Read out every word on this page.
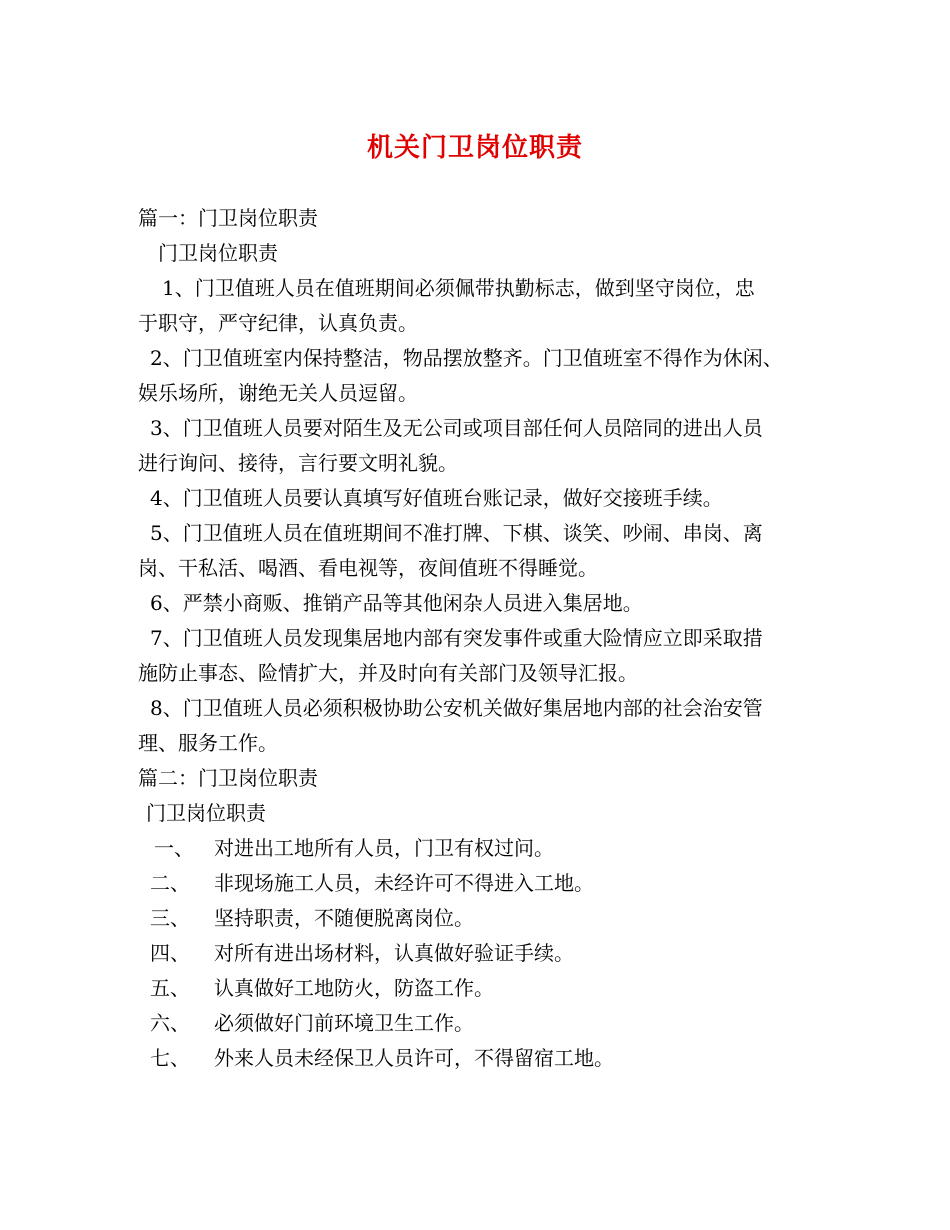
机关门卫岗位职责
篇一：门卫岗位职责
门卫岗位职责
1、门卫值班人员在值班期间必须佩带执勤标志，做到坚守岗位，忠
于职守，严守纪律，认真负责。
2、门卫值班室内保持整洁，物品摆放整齐。门卫值班室不得作为休闲、
娱乐场所，谢绝无关人员逗留。
3、门卫值班人员要对陌生及无公司或项目部任何人员陪同的进出人员
进行询问、接待，言行要文明礼貌。
4、门卫值班人员要认真填写好值班台账记录，做好交接班手续。
5、门卫值班人员在值班期间不准打牌、下棋、谈笑、吵闹、串岗、离
岗、干私活、喝酒、看电视等，夜间值班不得睡觉。
6、严禁小商贩、推销产品等其他闲杂人员进入集居地。
7、门卫值班人员发现集居地内部有突发事件或重大险情应立即采取措
施防止事态、险情扩大，并及时向有关部门及领导汇报。
8、门卫值班人员必须积极协助公安机关做好集居地内部的社会治安管
理、服务工作。
篇二：门卫岗位职责
门卫岗位职责
一、	对进出工地所有人员，门卫有权过问。
二、	非现场施工人员，未经许可不得进入工地。
三、	坚持职责，不随便脱离岗位。
四、	对所有进出场材料，认真做好验证手续。
五、	认真做好工地防火，防盗工作。
六、	必须做好门前环境卫生工作。
七、	外来人员未经保卫人员许可，不得留宿工地。
